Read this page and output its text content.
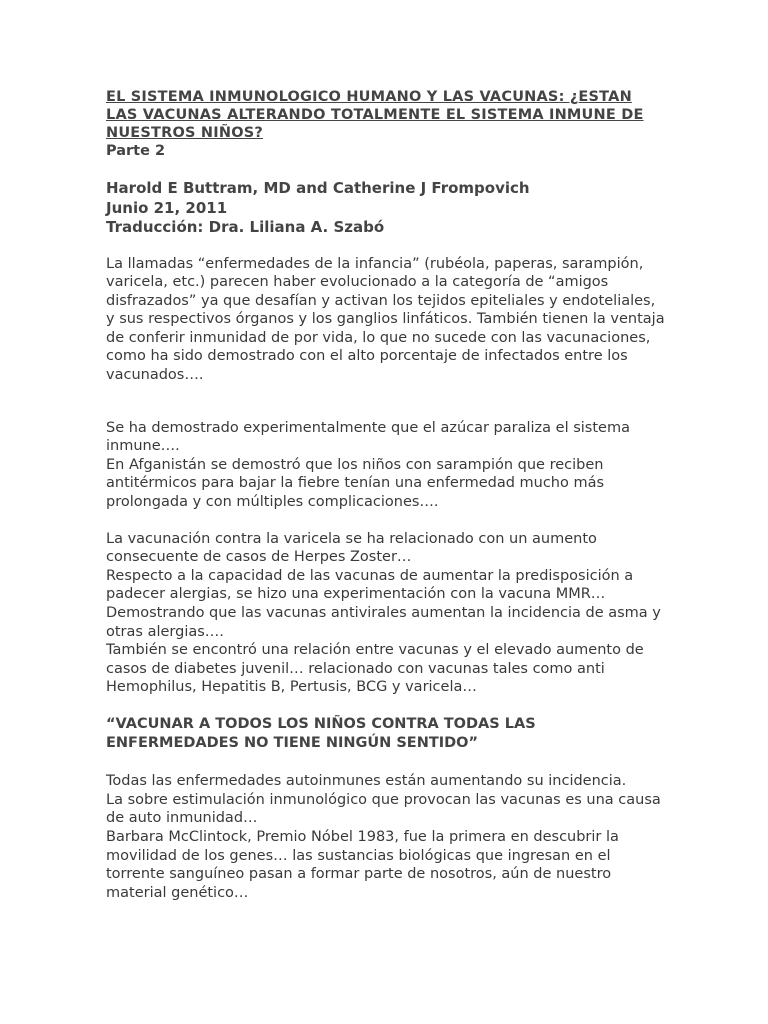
EL SISTEMA INMUNOLOGICO HUMANO Y LAS VACUNAS: ¿ESTAN LAS VACUNAS ALTERANDO TOTALMENTE EL SISTEMA INMUNE DE NUESTROS NIÑOS?
Parte 2
Harold E Buttram, MD and Catherine J Frompovich
Junio 21, 2011
Traducción: Dra. Liliana A. Szabó
La llamadas “enfermedades de la infancia” (rubéola, paperas, sarampión, varicela, etc.) parecen haber evolucionado a la categoría de “amigos disfrazados” ya que desafían y activan los tejidos epiteliales y endoteliales, y sus respectivos órganos y los ganglios linfáticos. También tienen la ventaja de conferir inmunidad de por vida, lo que no sucede con las vacunaciones, como ha sido demostrado con el alto porcentaje de infectados entre los vacunados….
Se ha demostrado experimentalmente que el azúcar paraliza el sistema inmune….
En Afganistán se demostró que los niños con sarampión que reciben antitérmicos para bajar la fiebre tenían una enfermedad mucho más prolongada y con múltiples complicaciones….
La vacunación contra la varicela se ha relacionado con un aumento consecuente de casos de Herpes Zoster…
Respecto a la capacidad de las vacunas de aumentar la predisposición a padecer alergias, se hizo una experimentación con la vacuna MMR…
Demostrando que las vacunas antivirales aumentan la incidencia de asma y otras alergias….
También se encontró una relación entre vacunas y el elevado aumento de casos de diabetes juvenil… relacionado con vacunas tales como anti Hemophilus, Hepatitis B, Pertusis, BCG y varicela…
“VACUNAR A TODOS LOS NIÑOS CONTRA TODAS LAS ENFERMEDADES NO TIENE NINGÚN SENTIDO”
Todas las enfermedades autoinmunes están aumentando su incidencia.
La sobre estimulación inmunológico que provocan las vacunas es una causa de auto inmunidad…
Barbara McClintock, Premio Nóbel 1983, fue la primera en descubrir la movilidad de los genes… las sustancias biológicas que ingresan en el torrente sanguíneo pasan a formar parte de nosotros, aún de nuestro material genético…
